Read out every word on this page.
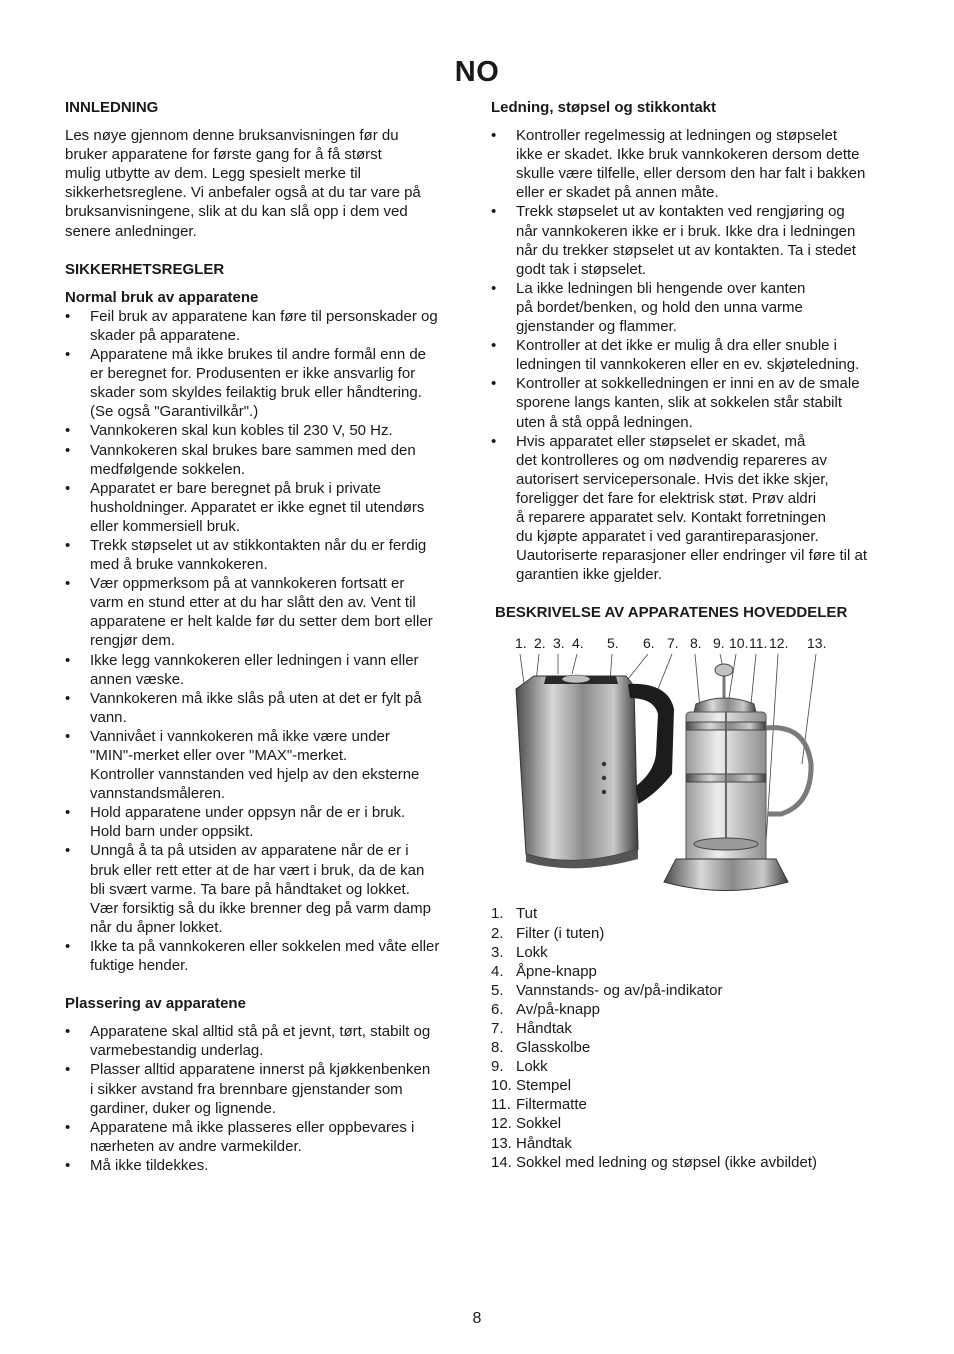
NO

INNLEDNING

Les nøye gjennom denne bruksanvisningen før du
bruker apparatene for første gang for å få størst
mulig utbytte av dem. Legg spesielt merke til
sikkerhetsreglene. Vi anbefaler også at du tar vare på
bruksanvisningene, slik at du kan slå opp i dem ved
senere anledninger.

SIKKERHETSREGLER

Normal bruk av apparatene

• Feil bruk av apparatene kan føre til personskader og
skader på apparatene.
• Apparatene må ikke brukes til andre formål enn de
er beregnet for. Produsenten er ikke ansvarlig for
skader som skyldes feilaktig bruk eller håndtering.
(Se også "Garantivilkår".)
• Vannkokeren skal kun kobles til 230 V, 50 Hz.
• Vannkokeren skal brukes bare sammen med den
medfølgende sokkelen.
• Apparatet er bare beregnet på bruk i private
husholdninger. Apparatet er ikke egnet til utendørs
eller kommersiell bruk.
• Trekk støpselet ut av stikkontakten når du er ferdig
med å bruke vannkokeren.
• Vær oppmerksom på at vannkokeren fortsatt er
varm en stund etter at du har slått den av. Vent til
apparatene er helt kalde før du setter dem bort eller
rengjør dem.
• Ikke legg vannkokeren eller ledningen i vann eller
annen væske.
• Vannkokeren må ikke slås på uten at det er fylt på
vann.
• Vannivået i vannkokeren må ikke være under
"MIN"-merket eller over "MAX"-merket.
Kontroller vannstanden ved hjelp av den eksterne
vannstandsmåleren.
• Hold apparatene under oppsyn når de er i bruk.
Hold barn under oppsikt.
• Unngå å ta på utsiden av apparatene når de er i
bruk eller rett etter at de har vært i bruk, da de kan
bli svært varme. Ta bare på håndtaket og lokket.
Vær forsiktig så du ikke brenner deg på varm damp
når du åpner lokket.
• Ikke ta på vannkokeren eller sokkelen med våte eller
fuktige hender.

Plassering av apparatene

• Apparatene skal alltid stå på et jevnt, tørt, stabilt og
varmebestandig underlag.
• Plasser alltid apparatene innerst på kjøkkenbenken
i sikker avstand fra brennbare gjenstander som
gardiner, duker og lignende.
• Apparatene må ikke plasseres eller oppbevares i
nærheten av andre varmekilder.
• Må ikke tildekkes.

Ledning, støpsel og stikkontakt

• Kontroller regelmessig at ledningen og støpselet
ikke er skadet. Ikke bruk vannkokeren dersom dette
skulle være tilfelle, eller dersom den har falt i bakken
eller er skadet på annen måte.
• Trekk støpselet ut av kontakten ved rengjøring og
når vannkokeren ikke er i bruk. Ikke dra i ledningen
når du trekker støpselet ut av kontakten. Ta i stedet
godt tak i støpselet.
• La ikke ledningen bli hengende over kanten
på bordet/benken, og hold den unna varme
gjenstander og flammer.
• Kontroller at det ikke er mulig å dra eller snuble i
ledningen til vannkokeren eller en ev. skjøteledning.
• Kontroller at sokkelledningen er inni en av de smale
sporene langs kanten, slik at sokkelen står stabilt
uten å stå oppå ledningen.
• Hvis apparatet eller støpselet er skadet, må
det kontrolleres og om nødvendig repareres av
autorisert servicepersonale. Hvis det ikke skjer,
foreligger det fare for elektrisk støt. Prøv aldri
å reparere apparatet selv. Kontakt forretningen
du kjøpte apparatet i ved garantireparasjoner.
Uautoriserte reparasjoner eller endringer vil føre til at
garantien ikke gjelder.

BESKRIVELSE AV APPARATENES HOVEDDELER

1. 2. 3. 4. 5. 6. 7. 8. 9. 10. 11. 12. 13.
1. Tut
2. Filter (i tuten)
3. Lokk
4. Åpne-knapp
5. Vannstands- og av/på-indikator
6. Av/på-knapp
7. Håndtak
8. Glasskolbe
9. Lokk
10. Stempel
11. Filtermatte
12. Sokkel
13. Håndtak
14. Sokkel med ledning og støpsel (ikke avbildet)
8
